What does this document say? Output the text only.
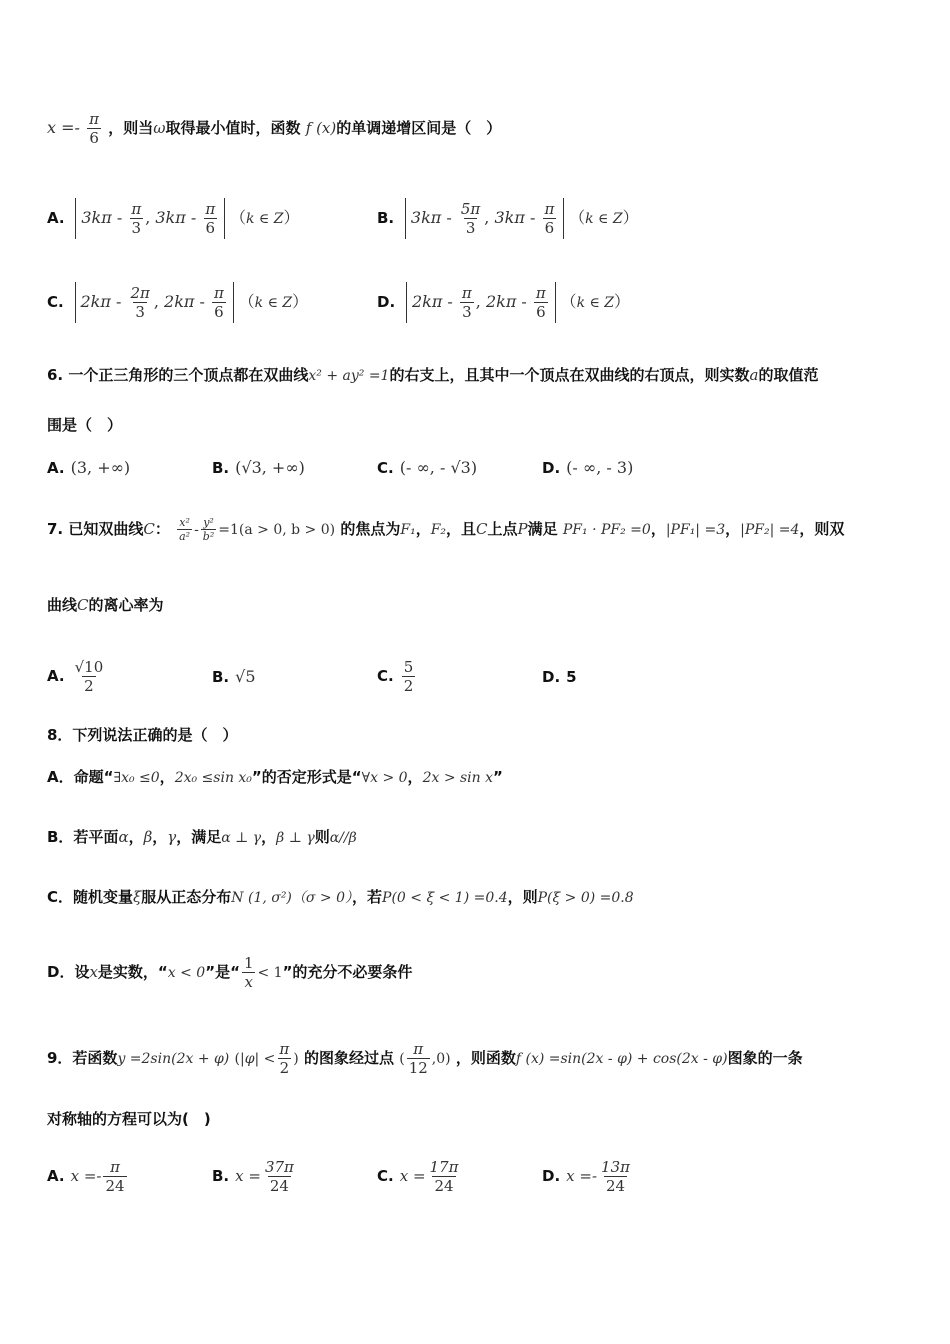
$x =- \frac{\pi}{6}$ ，则当ω取得最小值时，函数 f (x)的单调递增区间是（　）
A. $3k\pi - \frac{\pi}{3}$ , $3k\pi - \frac{\pi}{6} (k$ ∈ Z）	B. $3k\pi - \frac{5\pi}{3}$ , $3k\pi - \frac{\pi}{6} (k$ ∈ Z）
C. $2k\pi - \frac{2\pi}{3}$ , $2k\pi - \frac{\pi}{6} (k$ ∈ Z）	D. $2k\pi - \frac{\pi}{3}$ , $2k\pi - \frac{\pi}{6} (k$ ∈ Z）
6. 一个正三角形的三个顶点都在双曲线x² + ay² =1的右支上，且其中一个顶点在双曲线的右顶点，则实数a的取值范
围是（　）
A. (3, +∞)	B. (√3, +∞)	C. (- ∞, - √3)	D. (- ∞, - 3)
7. 已知双曲线C： $\frac{\text{x²}}{\text{a²}} - \frac{\text{y²}}{\text{b²}} =1(a > 0$, b > 0) 的焦点为F₁，F₂，且C上点P满足 PF₁ · PF₂ =0，|PF₁| =3，|PF₂| =4，则双
曲线C的离心率为
A. $\frac{√10}{2}$	B. √5	C. $\frac{5}{2}$	D. 5
8．下列说法正确的是（　）
A．命题“∃x₀ ≤0，2x₀ ≤sin x₀”的否定形式是“∀x > 0，2x > sin x”
B．若平面α，β，γ，满足α ⊥ γ，β ⊥ γ则α//β
C．随机变量ξ服从正态分布N (1, σ²)（σ > 0），若P(0 < ξ < 1) =0.4，则P(ξ > 0) =0.8
D．设x是实数，“x < 0”是“ $\frac{1}{x} < 1$”的充分不必要条件
9．若函数y =2sin(2x + φ) ($|\varphi| < \frac{\pi}{2}$ ) 的图象经过点 ( $\frac{\pi}{12} ,0$) ，则函数f (x) =sin(2x - φ) + cos(2x - φ)图象的一条
对称轴的方程可以为(　)
A. $x =- \frac{\pi}{24}$	B. $x = \frac{37\pi}{24}$	C. $x = \frac{17\pi}{24}$	D. $x =- \frac{13\pi}{24}$
